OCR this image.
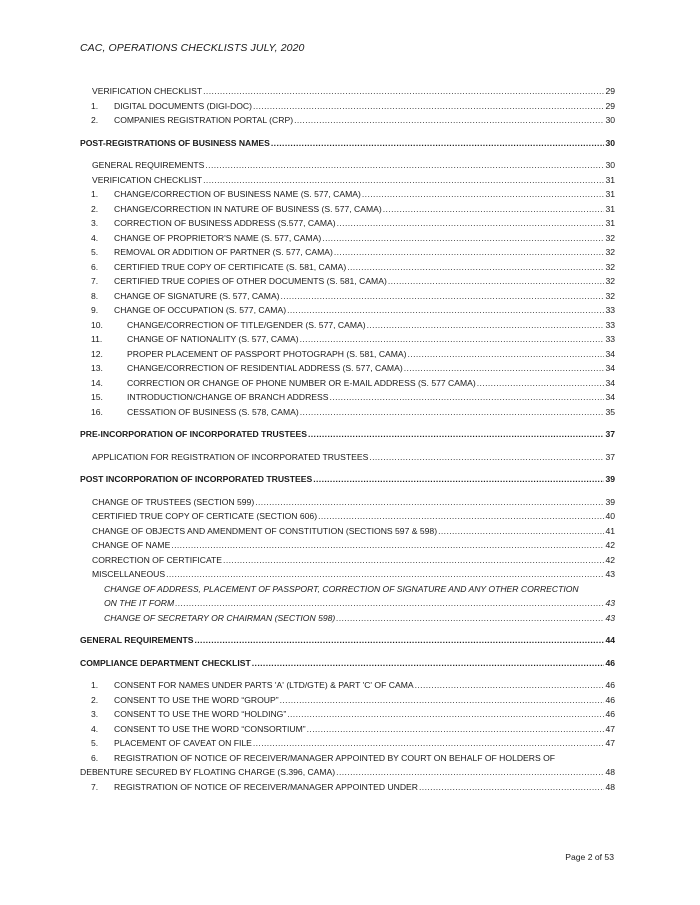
CAC, OPERATIONS CHECKLISTS JULY, 2020
VERIFICATION CHECKLIST .....	29
1.	DIGITAL DOCUMENTS (DIGI-DOC) .....	29
2.	COMPANIES REGISTRATION PORTAL (CRP) .....	30
POST-REGISTRATIONS OF BUSINESS NAMES .....	30
GENERAL REQUIREMENTS .....	30
VERIFICATION CHECKLIST .....	31
1.	CHANGE/CORRECTION OF BUSINESS NAME (S. 577, CAMA) .....	31
2.	CHANGE/CORRECTION IN NATURE OF BUSINESS (S. 577, CAMA) .....	31
3.	CORRECTION OF BUSINESS ADDRESS (S.577, CAMA) .....	31
4.	CHANGE OF PROPRIETOR'S NAME (S. 577, CAMA) .....	32
5.	REMOVAL OR ADDITION OF PARTNER (S. 577, CAMA) .....	32
6.	CERTIFIED TRUE COPY OF CERTIFICATE (S. 581, CAMA) .....	32
7.	CERTIFIED TRUE COPIES OF OTHER DOCUMENTS (S. 581, CAMA) .....	32
8.	CHANGE OF SIGNATURE (S. 577, CAMA) .....	32
9.	CHANGE OF OCCUPATION (S. 577, CAMA) .....	33
10.	CHANGE/CORRECTION OF TITLE/GENDER (S. 577, CAMA) .....	33
11.	CHANGE OF NATIONALITY (S. 577, CAMA) .....	33
12.	PROPER PLACEMENT OF PASSPORT PHOTOGRAPH (S. 581, CAMA) .....	34
13.	CHANGE/CORRECTION OF RESIDENTIAL ADDRESS (S. 577, CAMA) .....	34
14.	CORRECTION OR CHANGE OF PHONE NUMBER OR E-MAIL ADDRESS (S. 577 CAMA) .....	34
15.	INTRODUCTION/CHANGE OF BRANCH ADDRESS .....	34
16.	CESSATION OF BUSINESS (S. 578, CAMA) .....	35
PRE-INCORPORATION OF INCORPORATED TRUSTEES .....	37
APPLICATION FOR REGISTRATION OF INCORPORATED TRUSTEES .....	37
POST INCORPORATION OF INCORPORATED TRUSTEES .....	39
CHANGE OF TRUSTEES (SECTION 599) .....	39
CERTIFIED TRUE COPY OF CERTICATE (SECTION 606) .....	40
CHANGE OF OBJECTS AND AMENDMENT OF CONSTITUTION (SECTIONS 597 & 598) .....	41
CHANGE OF NAME .....	42
CORRECTION OF CERTIFICATE .....	42
MISCELLANEOUS .....	43
CHANGE OF ADDRESS, PLACEMENT OF PASSPORT, CORRECTION OF SIGNATURE AND ANY OTHER CORRECTION
ON THE IT FORM .....	43
CHANGE OF SECRETARY OR CHAIRMAN (SECTION 598) .....	43
GENERAL REQUIREMENTS .....	44
COMPLIANCE DEPARTMENT CHECKLIST .....	46
1.	CONSENT FOR NAMES UNDER PARTS 'A' (LTD/GTE) & PART 'C' OF CAMA .....	46
2.	CONSENT TO USE THE WORD “GROUP” .....	46
3.	CONSENT TO USE THE WORD “HOLDING” .....	46
4.	CONSENT TO USE THE WORD “CONSORTIUM” .....	47
5.	PLACEMENT OF CAVEAT ON FILE .....	47
6. REGISTRATION OF NOTICE OF RECEIVER/MANAGER APPOINTED BY COURT ON BEHALF OF HOLDERS OF
DEBENTURE SECURED BY FLOATING CHARGE (S.396, CAMA) .....	48
7.	REGISTRATION OF NOTICE OF RECEIVER/MANAGER APPOINTED UNDER .....	48
Page 2 of 53
